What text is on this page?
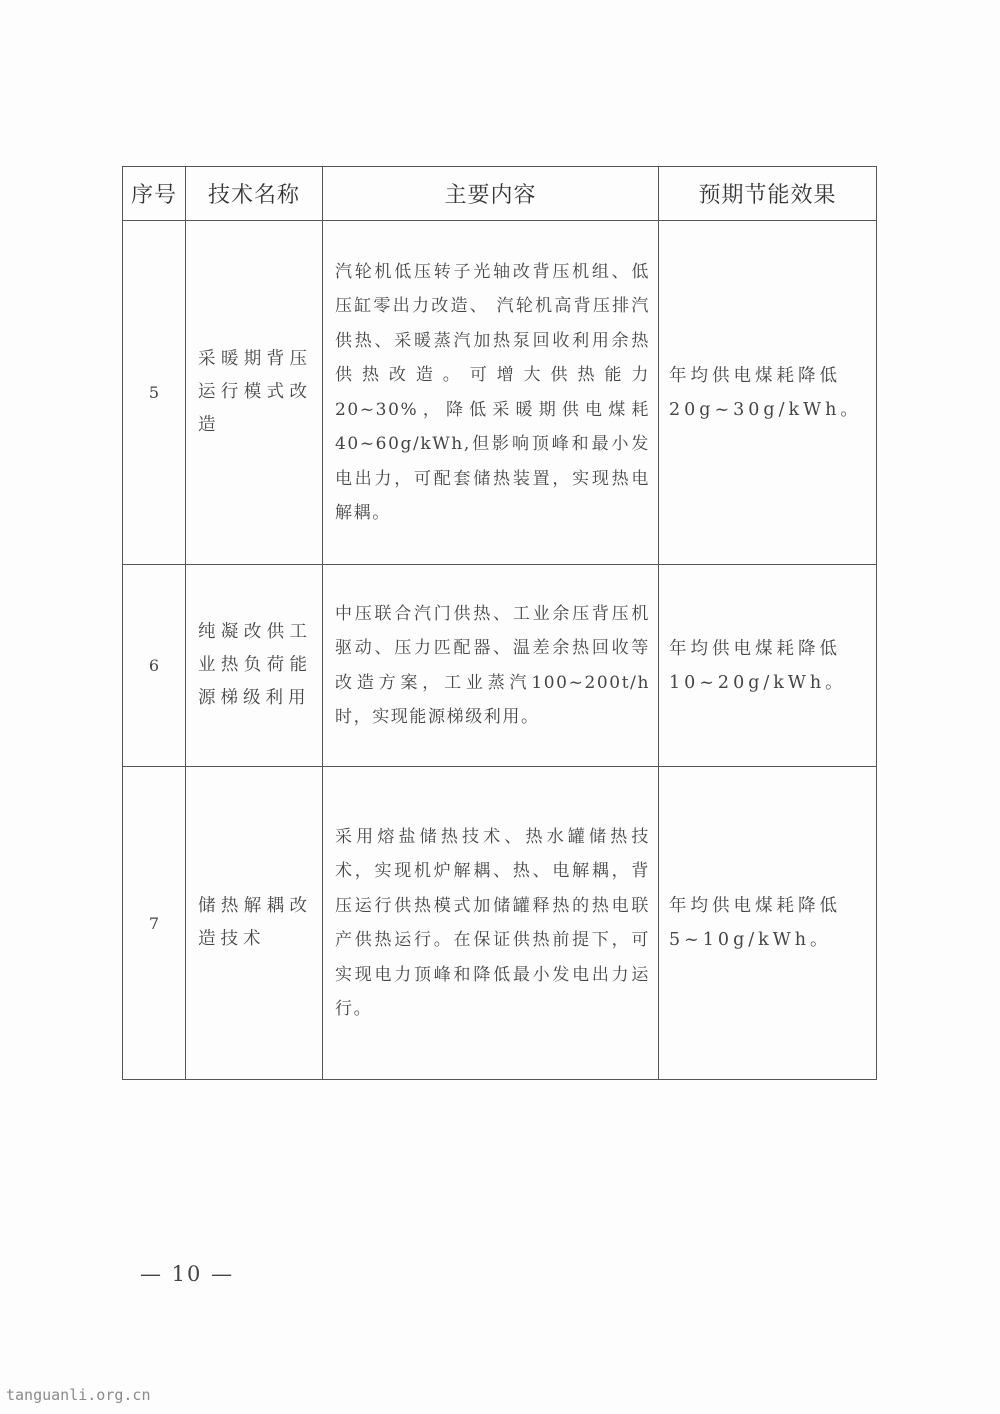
序号	技术名称	主要内容	预期节能效果
5	采暖期背压运行模式改造	汽轮机低压转子光轴改背压机组、低压缸零出力改造、 汽轮机高背压排汽供热、采暖蒸汽加热泵回收利用余热供热改造。可增大供热能力20~30%，降低采暖期供电煤耗40~60g/kWh,但影响顶峰和最小发电出力，可配套储热装置，实现热电解耦。	年均供电煤耗降低20g~30g/kWh。
6	纯凝改供工业热负荷能源梯级利用	中压联合汽门供热、工业余压背压机驱动、压力匹配器、温差余热回收等改造方案，工业蒸汽100~200t/h时，实现能源梯级利用。	年均供电煤耗降低10~20g/kWh。
7	储热解耦改造技术	采用熔盐储热技术、热水罐储热技术，实现机炉解耦、热、电解耦，背压运行供热模式加储罐释热的热电联产供热运行。在保证供热前提下，可实现电力顶峰和降低最小发电出力运行。	年均供电煤耗降低5~10g/kWh。
— 10 —
tanguanli.org.cn
